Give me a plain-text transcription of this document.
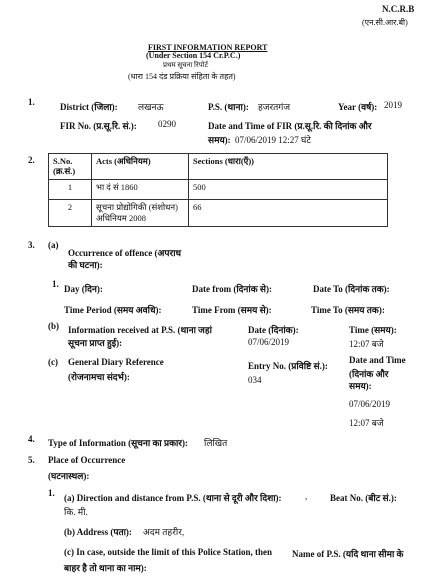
N.C.R.B
(एन.सी.आर.बी)
FIRST INFORMATION REPORT
(Under Section 154 Cr.P.C.)
प्रथम सूचना रिपोर्ट
(धारा 154 दंड प्रक्रिया संहिता के तहत)
1.	District (जिला): लखनऊ	P.S. (थाना): हजरतगंज	Year (वर्ष): 2019
FIR No. (प्र.सू.रि. सं.): 0290	Date and Time of FIR (प्र.सू.रि. की दिनांक और
समय): 07/06/2019 12:27 घंटे
2. S.No. (क्र.सं.)	Acts (अधिनियम)	Sections (धारा(एँ))
1	भा दं सं 1860	500
2	सूचना प्रोद्योगिकी (संशोधन)
अधिनियम 2008	66
3. (a)
Occurrence of offence (अपराध
की घटना):
1. Day (दिन):	Date from (दिनांक से):	Date To (दिनांक तक):
Time Period (समय अवधि):	Time From (समय से):	Time To (समय तक):
(b) Information received at P.S. (थाना जहां
सूचना प्राप्त हुई):
Date (दिनांक):
07/06/2019
Time (समय):
12:07 बजे
(c) General Diary Reference
(रोजनामचा संदर्भ):
Entry No. (प्रविष्टि सं.):
034
Date and Time
(दिनांक और
समय):
07/06/2019
12:07 बजे
4. Type of Information (सूचना का प्रकार): लिखित
5. Place of Occurrence
(घटनास्थल):
1. (a) Direction and distance from P.S. (थाना से दूरी और दिशा):	,	Beat No. (बीट सं.):
कि. मी.
(b) Address (पता): अदम तहरीर,
(c) In case, outside the limit of this Police Station, then Name of P.S. (यदि थाना सीमा के
बाहर है तो थाना का नाम):
